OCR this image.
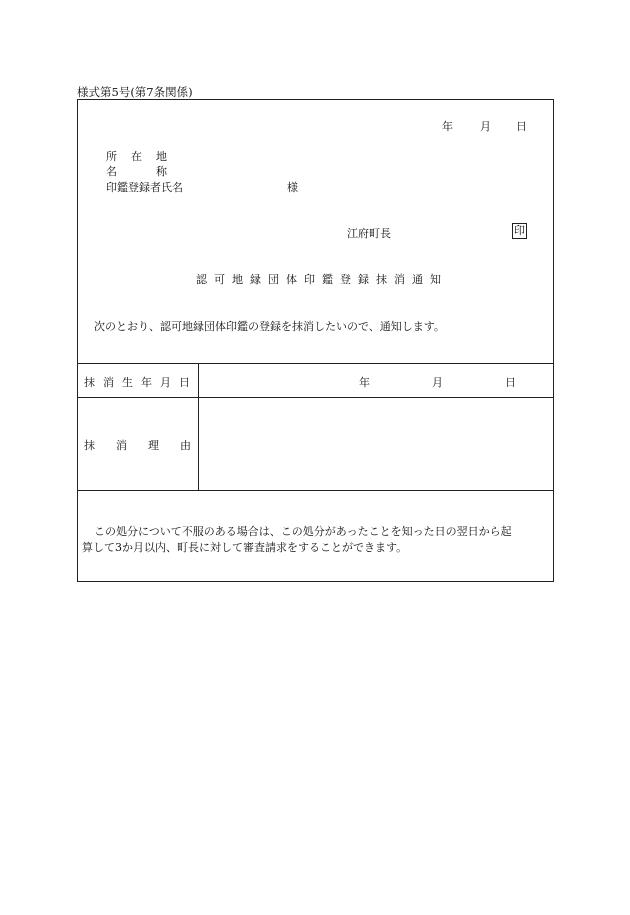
様式第5号(第7条関係)
年 月 日
所 在 地
名	称
印鑑登録者氏名	様
江府町長	印
認 可 地 縁 団 体 印 鑑 登 録 抹 消 通 知
次のとおり、認可地縁団体印鑑の登録を抹消したいので、通知します。
抹 消 生 年 月 日	年	月	日
抹 消 理 由
この処分について不服のある場合は、この処分があったことを知った日の翌日から起
算して3か月以内、町長に対して審査請求をすることができます。
